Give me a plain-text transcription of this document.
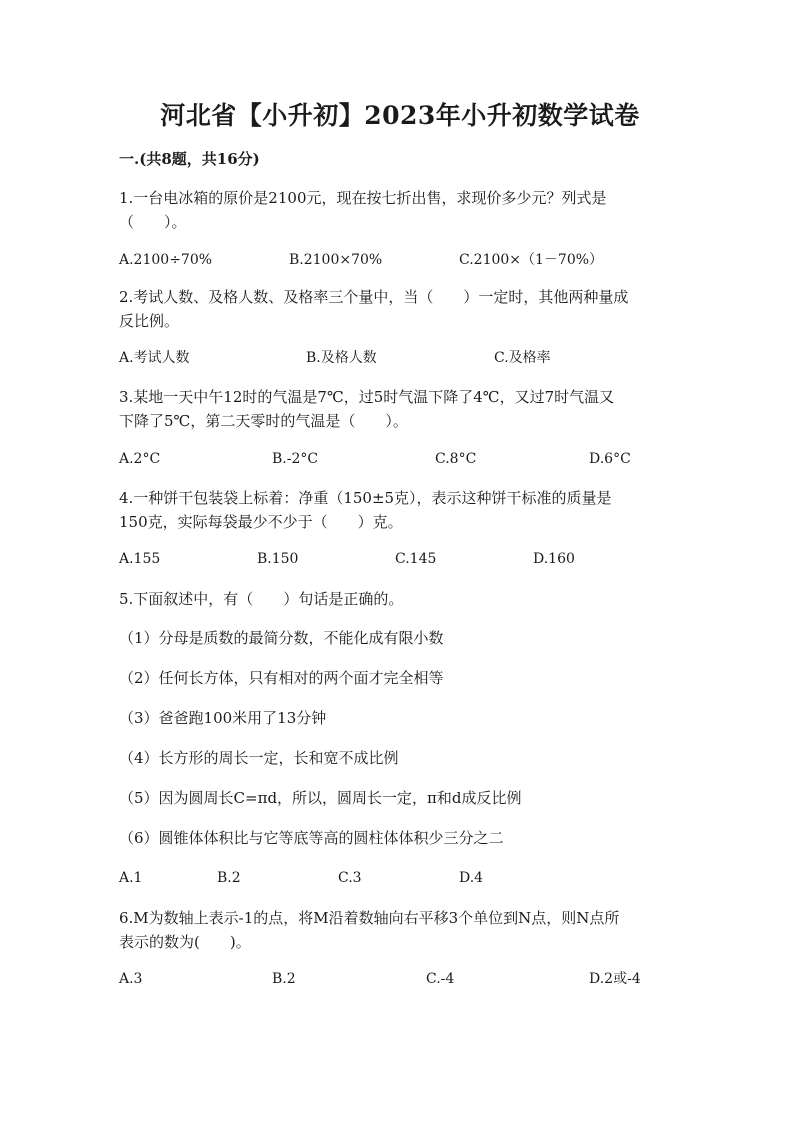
河北省【小升初】2023年小升初数学试卷
一.(共8题，共16分)
1.一台电冰箱的原价是2100元，现在按七折出售，求现价多少元？列式是
（　　）。
A.2100÷70%	B.2100×70%	C.2100×（1－70%）
2.考试人数、及格人数、及格率三个量中，当（　　）一定时，其他两种量成
反比例。
A.考试人数	B.及格人数	C.及格率
3.某地一天中午12时的气温是7℃，过5时气温下降了4℃，又过7时气温又
下降了5℃，第二天零时的气温是（　　）。
A.2°C	B.-2°C	C.8°C	D.6°C
4.一种饼干包装袋上标着：净重（150±5克），表示这种饼干标准的质量是
150克，实际每袋最少不少于（　　）克。
A.155	B.150	C.145	D.160
5.下面叙述中，有（　　）句话是正确的。
（1）分母是质数的最简分数，不能化成有限小数
（2）任何长方体，只有相对的两个面才完全相等
（3）爸爸跑100米用了13分钟
（4）长方形的周长一定，长和宽不成比例
（5）因为圆周长C=πd，所以，圆周长一定，π和d成反比例
（6）圆锥体体积比与它等底等高的圆柱体体积少三分之二
A.1	B.2	C.3	D.4
6.M为数轴上表示-1的点，将M沿着数轴向右平移3个单位到N点，则N点所
表示的数为(　　)。
A.3	B.2	C.-4	D.2或-4
